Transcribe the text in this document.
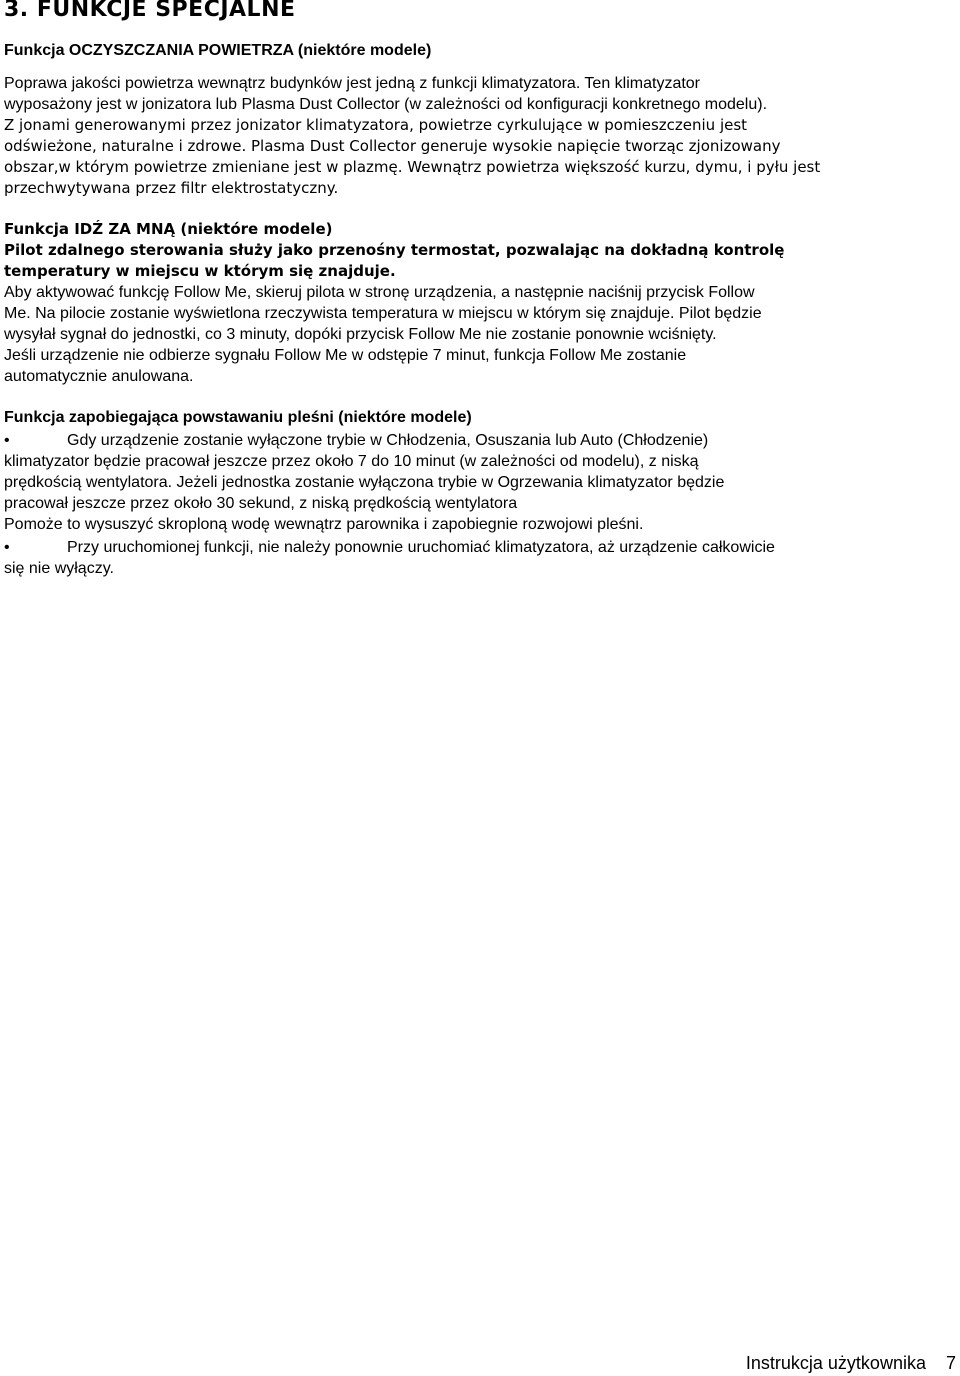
3. FUNKCJE SPECJALNE
Funkcja OCZYSZCZANIA POWIETRZA (niektóre modele)
Poprawa jakości powietrza wewnątrz budynków jest jedną z funkcji klimatyzatora. Ten klimatyzator
wyposażony jest w jonizatora lub Plasma Dust Collector (w zależności od konfiguracji konkretnego modelu).
Z jonami generowanymi przez jonizator klimatyzatora, powietrze cyrkulujące w pomieszczeniu jest
odświeżone, naturalne i zdrowe. Plasma Dust Collector generuje wysokie napięcie tworząc zjonizowany
obszar,w którym powietrze zmieniane jest w plazmę. Wewnątrz powietrza większość kurzu, dymu, i pyłu jest
przechwytywana przez filtr elektrostatyczny.
Funkcja IDŹ ZA MNĄ (niektóre modele)
Pilot zdalnego sterowania służy jako przenośny termostat, pozwalając na dokładną kontrolę
temperatury w miejscu w którym się znajduje.
Aby aktywować funkcję Follow Me, skieruj pilota w stronę urządzenia, a następnie naciśnij przycisk Follow
Me. Na pilocie zostanie wyświetlona rzeczywista temperatura w miejscu w którym się znajduje. Pilot będzie
wysyłał sygnał do jednostki, co 3 minuty, dopóki przycisk Follow Me nie zostanie ponownie wciśnięty.
Jeśli urządzenie nie odbierze sygnału Follow Me w odstępie 7 minut, funkcja Follow Me zostanie
automatycznie anulowana.
Funkcja zapobiegająca powstawaniu pleśni (niektóre modele)
•	Gdy urządzenie zostanie wyłączone trybie w Chłodzenia, Osuszania lub Auto (Chłodzenie)
klimatyzator będzie pracował jeszcze przez około 7 do 10 minut (w zależności od modelu), z niską
prędkością wentylatora. Jeżeli jednostka zostanie wyłączona trybie w Ogrzewania klimatyzator będzie
pracował jeszcze przez około 30 sekund, z niską prędkością wentylatora
Pomoże to wysuszyć skroploną wodę wewnątrz parownika i zapobiegnie rozwojowi pleśni.
•	Przy uruchomionej funkcji, nie należy ponownie uruchomiać klimatyzatora, aż urządzenie całkowicie
się nie wyłączy.
Instrukcja użytkownika 7
